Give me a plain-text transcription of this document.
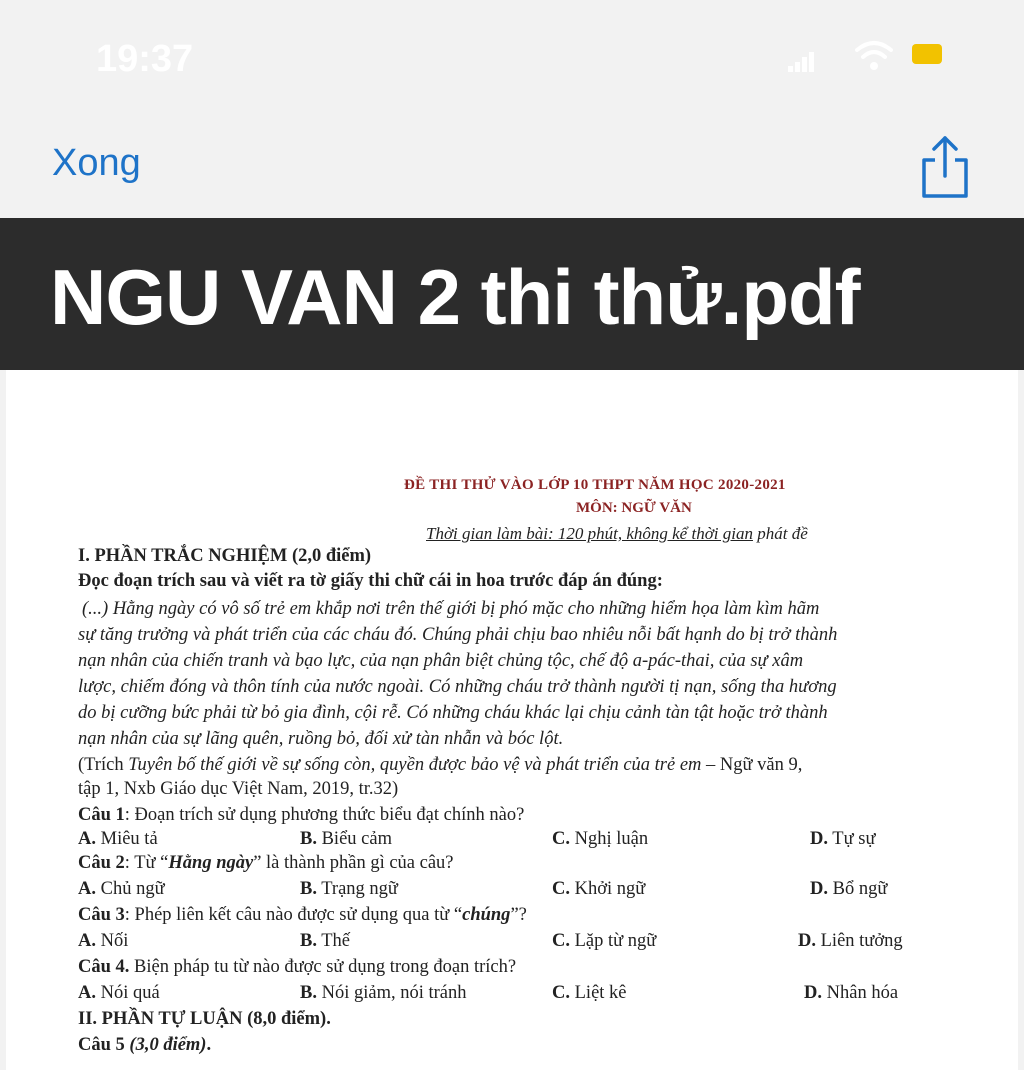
19:37
Xong
NGU VAN 2 thi thử.pdf
ĐỀ THI THỬ VÀO LỚP 10 THPT NĂM HỌC 2020-2021
MÔN: NGỮ VĂN
Thời gian làm bài: 120 phút, không kể thời gian phát đề
I. PHẦN TRẮC NGHIỆM (2,0 điểm)
Đọc đoạn trích sau và viết ra tờ giấy thi chữ cái in hoa trước đáp án đúng:
(...) Hằng ngày có vô số trẻ em khắp nơi trên thế giới bị phó mặc cho những hiểm họa làm kìm hãm
sự tăng trưởng và phát triển của các cháu đó. Chúng phải chịu bao nhiêu nỗi bất hạnh do bị trở thành
nạn nhân của chiến tranh và bạo lực, của nạn phân biệt chủng tộc, chế độ a-pác-thai, của sự xâm
lược, chiếm đóng và thôn tính của nước ngoài. Có những cháu trở thành người tị nạn, sống tha hương
do bị cưỡng bức phải từ bỏ gia đình, cội rễ. Có những cháu khác lại chịu cảnh tàn tật hoặc trở thành
nạn nhân của sự lãng quên, ruồng bỏ, đối xử tàn nhẫn và bóc lột.
(Trích Tuyên bố thế giới về sự sống còn, quyền được bảo vệ và phát triển của trẻ em – Ngữ văn 9,
tập 1, Nxb Giáo dục Việt Nam, 2019, tr.32)
Câu 1: Đoạn trích sử dụng phương thức biểu đạt chính nào?
A. Miêu tả	B. Biểu cảm	C. Nghị luận	D. Tự sự
Câu 2: Từ “Hằng ngày” là thành phần gì của câu?
A. Chủ ngữ	B. Trạng ngữ	C. Khởi ngữ	D. Bổ ngữ
Câu 3: Phép liên kết câu nào được sử dụng qua từ “chúng”?
A. Nối	B. Thế	C. Lặp từ ngữ	D. Liên tưởng
Câu 4. Biện pháp tu từ nào được sử dụng trong đoạn trích?
A. Nói quá	B. Nói giảm, nói tránh	C. Liệt kê	D. Nhân hóa
II. PHẦN TỰ LUẬN (8,0 điểm).
Câu 5 (3,0 điểm).
